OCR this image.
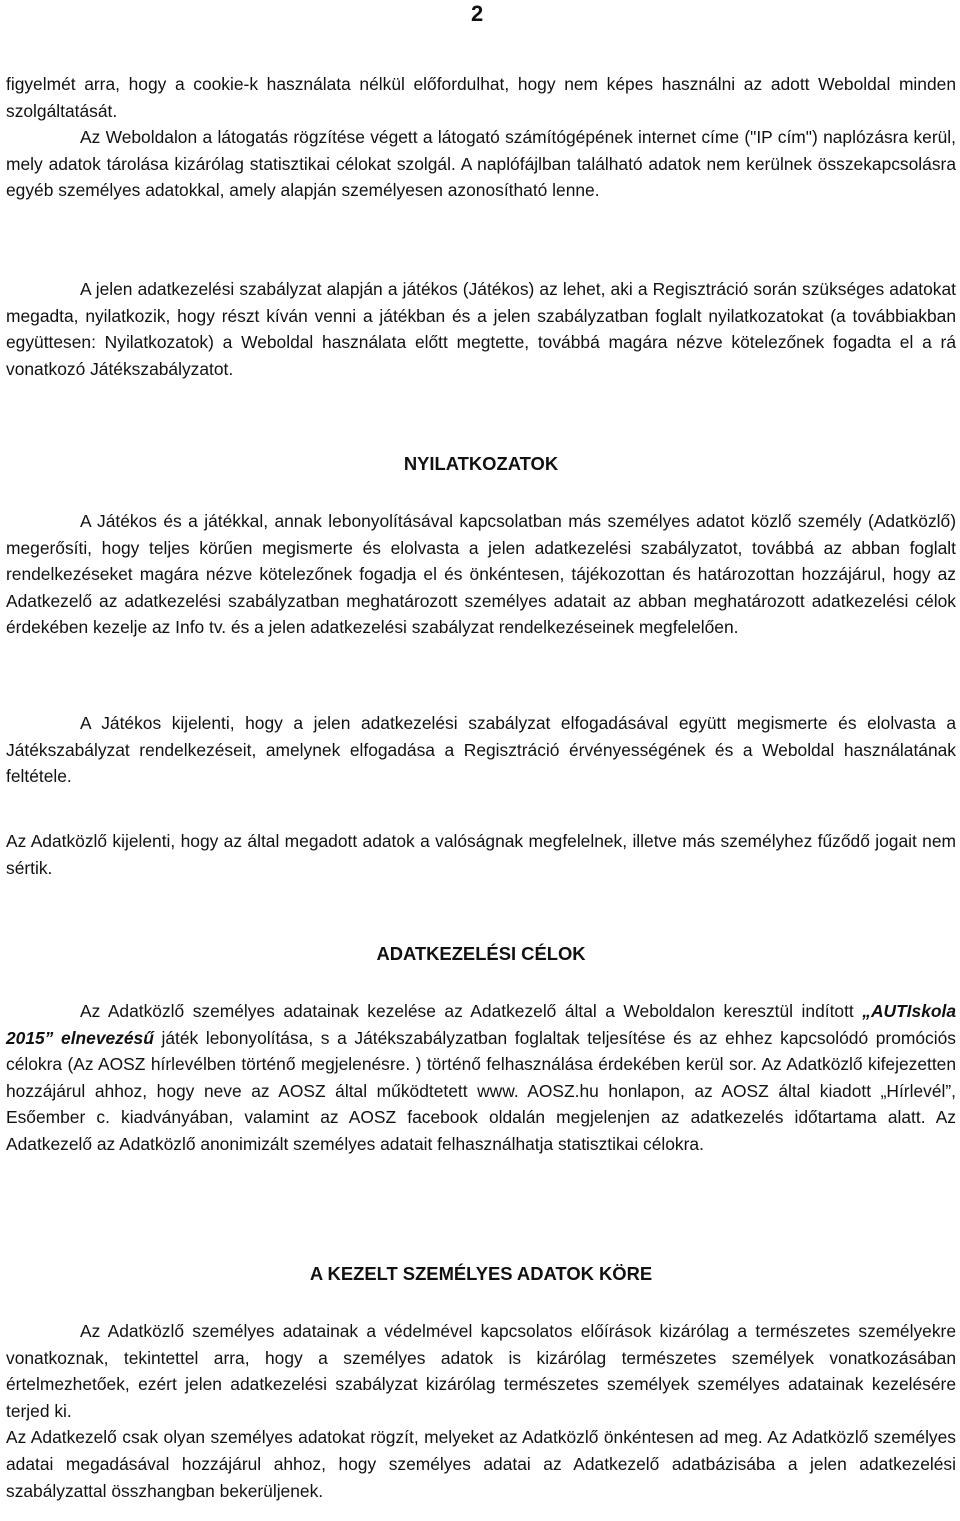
2

figyelmét arra, hogy a cookie-k használata nélkül előfordulhat, hogy nem képes használni az adott Weboldal minden szolgáltatását.

Az Weboldalon a látogatás rögzítése végett a látogató számítógépének internet címe ("IP cím") naplózásra kerül, mely adatok tárolása kizárólag statisztikai célokat szolgál. A naplófájlban található adatok nem kerülnek összekapcsolásra egyéb személyes adatokkal, amely alapján személyesen azonosítható lenne.

A jelen adatkezelési szabályzat alapján a játékos (Játékos) az lehet, aki a Regisztráció során szükséges adatokat megadta, nyilatkozik, hogy részt kíván venni a játékban és a jelen szabályzatban foglalt nyilatkozatokat (a továbbiakban együttesen: Nyilatkozatok) a Weboldal használata előtt megtette, továbbá magára nézve kötelezőnek fogadta el a rá vonatkozó Játékszabályzatot.

NYILATKOZATOK

A Játékos és a játékkal, annak lebonyolításával kapcsolatban más személyes adatot közlő személy (Adatközlő) megerősíti, hogy teljes körűen megismerte és elolvasta a jelen adatkezelési szabályzatot, továbbá az abban foglalt rendelkezéseket magára nézve kötelezőnek fogadja el és önkéntesen, tájékozottan és határozottan hozzájárul, hogy az Adatkezelő az adatkezelési szabályzatban meghatározott személyes adatait az abban meghatározott adatkezelési célok érdekében kezelje az Info tv. és a jelen adatkezelési szabályzat rendelkezéseinek megfelelően.

A Játékos kijelenti, hogy a jelen adatkezelési szabályzat elfogadásával együtt megismerte és elolvasta a Játékszabályzat rendelkezéseit, amelynek elfogadása a Regisztráció érvényességének és a Weboldal használatának feltétele.

Az Adatközlő kijelenti, hogy az által megadott adatok a valóságnak megfelelnek, illetve más személyhez fűződő jogait nem sértik.

ADATKEZELÉSI CÉLOK

Az Adatközlő személyes adatainak kezelése az Adatkezelő által a Weboldalon keresztül indított „AUTIskola 2015” elnevezésű játék lebonyolítása, s a Játékszabályzatban foglaltak teljesítése és az ehhez kapcsolódó promóciós célokra (Az AOSZ hírlevélben történő megjelenésre. ) történő felhasználása érdekében kerül sor. Az Adatközlő kifejezetten hozzájárul ahhoz, hogy neve az AOSZ által működtetett www. AOSZ.hu honlapon, az AOSZ által kiadott „Hírlevél”, Esőember c. kiadványában, valamint az AOSZ facebook oldalán megjelenjen az adatkezelés időtartama alatt. Az Adatkezelő az Adatközlő anonimizált személyes adatait felhasználhatja statisztikai célokra.

A KEZELT SZEMÉLYES ADATOK KÖRE

Az Adatközlő személyes adatainak a védelmével kapcsolatos előírások kizárólag a természetes személyekre vonatkoznak, tekintettel arra, hogy a személyes adatok is kizárólag természetes személyek vonatkozásában értelmezhetőek, ezért jelen adatkezelési szabályzat kizárólag természetes személyek személyes adatainak kezelésére terjed ki.

Az Adatkezelő csak olyan személyes adatokat rögzít, melyeket az Adatközlő önkéntesen ad meg. Az Adatközlő személyes adatai megadásával hozzájárul ahhoz, hogy személyes adatai az Adatkezelő adatbázisába a jelen adatkezelési szabályzattal összhangban bekerüljenek.
